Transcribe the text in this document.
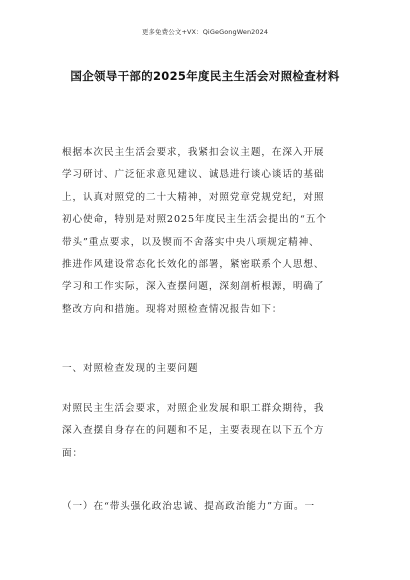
更多免费公文+VX：QiGeGongWen2024
国企领导干部的2025年度民主生活会对照检查材料
根据本次民主生活会要求，我紧扣会议主题，在深入开展
学习研讨、广泛征求意见建议、诚恳进行谈心谈话的基础
上，认真对照党的二十大精神，对照党章党规党纪，对照
初心使命，特别是对照2025年度民主生活会提出的“五个
带头”重点要求，以及锲而不舍落实中央八项规定精神、
推进作风建设常态化长效化的部署，紧密联系个人思想、
学习和工作实际，深入查摆问题，深刻剖析根源，明确了
整改方向和措施。现将对照检查情况报告如下：
一、对照检查发现的主要问题
对照民主生活会要求，对照企业发展和职工群众期待，我
深入查摆自身存在的问题和不足，主要表现在以下五个方
面：
（一）在“带头强化政治忠诚、提高政治能力”方面。一
